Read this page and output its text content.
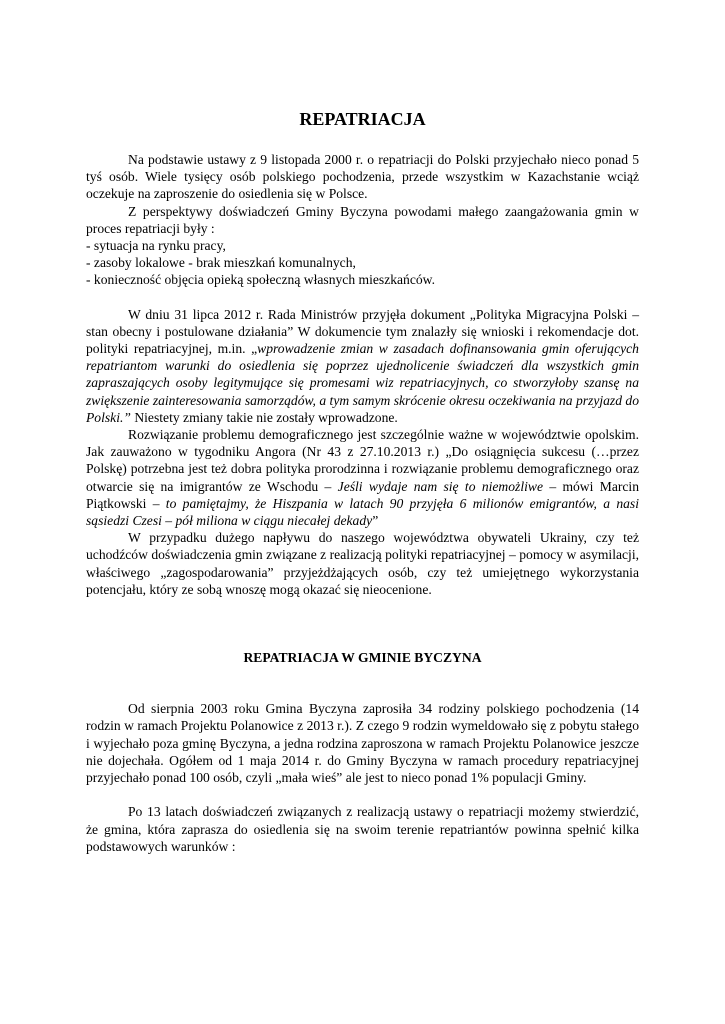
REPATRIACJA

Na podstawie ustawy z 9 listopada 2000 r. o repatriacji do Polski przyjechało nieco ponad 5 tyś osób. Wiele tysięcy osób polskiego pochodzenia, przede wszystkim w Kazachstanie wciąż oczekuje na zaproszenie do osiedlenia się w Polsce.

Z perspektywy doświadczeń Gminy Byczyna powodami małego zaangażowania gmin w proces repatriacji były :

- sytuacja na rynku pracy,
- zasoby lokalowe - brak mieszkań komunalnych,
- konieczność objęcia opieką społeczną własnych mieszkańców.

W dniu 31 lipca 2012 r. Rada Ministrów przyjęła dokument „Polityka Migracyjna Polski – stan obecny i postulowane działania” W dokumencie tym znalazły się wnioski i rekomendacje dot. polityki repatriacyjnej, m.in. „wprowadzenie zmian w zasadach dofinansowania gmin oferujących repatriantom warunki do osiedlenia się poprzez ujednolicenie świadczeń dla wszystkich gmin zapraszających osoby legitymujące się promesami wiz repatriacyjnych, co stworzyłoby szansę na zwiększenie zainteresowania samorządów, a tym samym skrócenie okresu oczekiwania na przyjazd do Polski.” Niestety zmiany takie nie zostały wprowadzone.

Rozwiązanie problemu demograficznego jest szczególnie ważne w województwie opolskim. Jak zauważono w tygodniku Angora (Nr 43 z 27.10.2013 r.) „Do osiągnięcia sukcesu (…przez Polskę) potrzebna jest też dobra polityka prorodzinna i rozwiązanie problemu demograficznego oraz otwarcie się na imigrantów ze Wschodu – Jeśli wydaje nam się to niemożliwe – mówi Marcin Piątkowski – to pamiętajmy, że Hiszpania w latach 90 przyjęła 6 milionów emigrantów, a nasi sąsiedzi Czesi – pół miliona w ciągu niecałej dekady”

W przypadku dużego napływu do naszego województwa obywateli Ukrainy, czy też uchodźców doświadczenia gmin związane z realizacją polityki repatriacyjnej – pomocy w asymilacji, właściwego „zagospodarowania” przyjeżdżających osób, czy też umiejętnego wykorzystania potencjału, który ze sobą wnoszę mogą okazać się nieocenione.

REPATRIACJA W GMINIE BYCZYNA

Od sierpnia 2003 roku Gmina Byczyna zaprosiła 34 rodziny polskiego pochodzenia (14 rodzin w ramach Projektu Polanowice z 2013 r.). Z czego 9 rodzin wymeldowało się z pobytu stałego i wyjechało poza gminę Byczyna, a jedna rodzina zaproszona w ramach Projektu Polanowice jeszcze nie dojechała. Ogółem od 1 maja 2014 r. do Gminy Byczyna w ramach procedury repatriacyjnej przyjechało ponad 100 osób, czyli „mała wieś” ale jest to nieco ponad 1% populacji Gminy.

Po 13 latach doświadczeń związanych z realizacją ustawy o repatriacji możemy stwierdzić, że gmina, która zaprasza do osiedlenia się na swoim terenie repatriantów powinna spełnić kilka podstawowych warunków :
